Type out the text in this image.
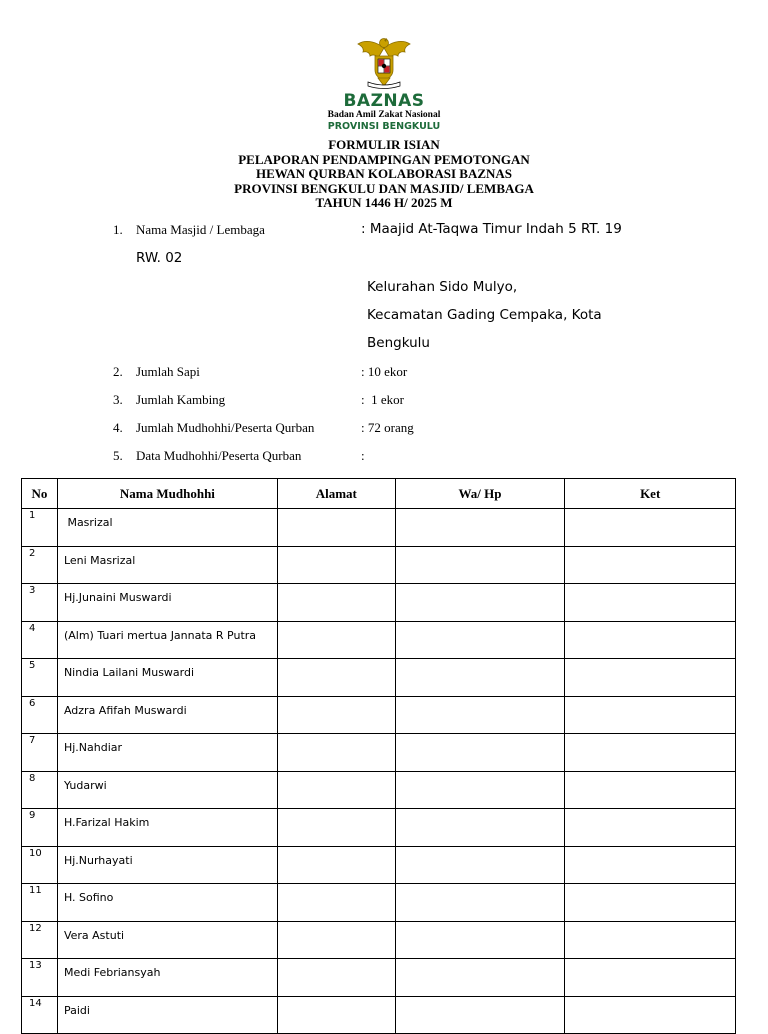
BAZNAS
Badan Amil Zakat Nasional
PROVINSI BENGKULU
FORMULIR ISIAN
PELAPORAN PENDAMPINGAN PEMOTONGAN
HEWAN QURBAN KOLABORASI BAZNAS
PROVINSI BENGKULU DAN MASJID/ LEMBAGA
TAHUN 1446 H/ 2025 M
1. Nama Masjid / Lembaga	: Maajid At-Taqwa Timur Indah 5 RT. 19
RW. 02
Kelurahan Sido Mulyo,
Kecamatan Gading Cempaka, Kota
Bengkulu
2. Jumlah Sapi	: 10 ekor
3. Jumlah Kambing	:  1 ekor
4. Jumlah Mudhohhi/Peserta Qurban	: 72 orang
5. Data Mudhohhi/Peserta Qurban	:
No	Nama Mudhohhi	Alamat	Wa/ Hp	Ket
1	Masrizal			
2	Leni Masrizal			
3	Hj.Junaini Muswardi			
4	(Alm) Tuari mertua Jannata R Putra			
5	Nindia Lailani Muswardi			
6	Adzra Afifah Muswardi			
7	Hj.Nahdiar			
8	Yudarwi			
9	H.Farizal Hakim			
10	Hj.Nurhayati			
11	H. Sofino			
12	Vera Astuti			
13	Medi Febriansyah			
14	Paidi			
